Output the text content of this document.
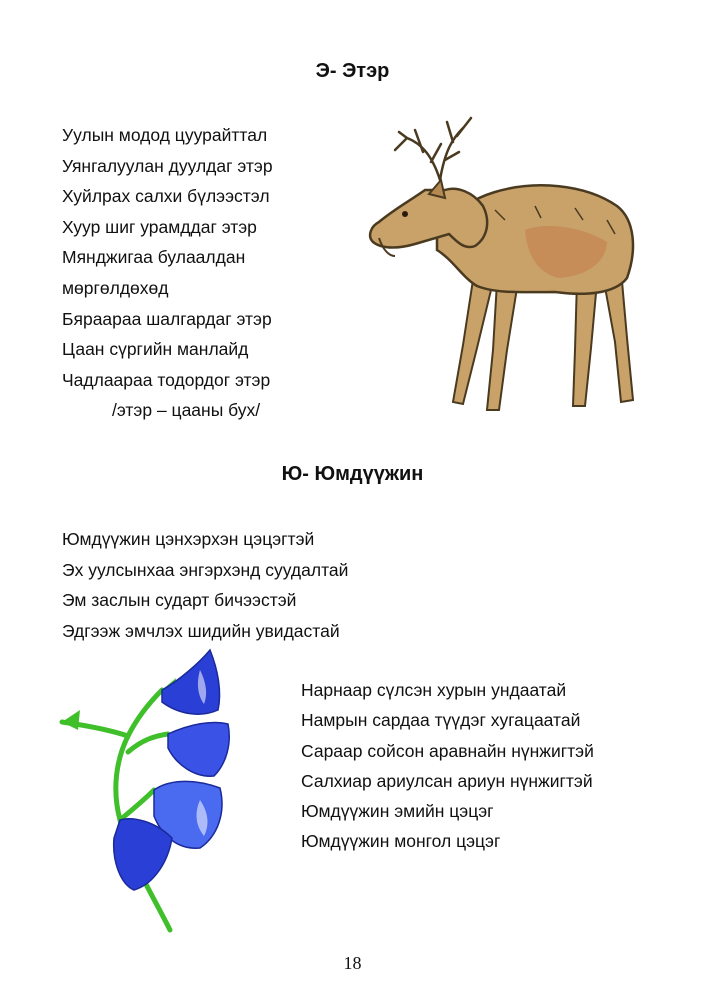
Э- Этэр
Уулын модод цуурайттал
Уянгалуулан дуулдаг этэр
Хуйлрах салхи бүлээстэл
Хуур шиг урамддаг этэр
Мянджигаа булаалдан
мөргөлдөхөд
Бяраараа шалгардаг этэр
Цаан сүргийн манлайд
Чадлаараа тодордог этэр
/этэр – цааны бух/
Ю- Юмдүүжин
Юмдүүжин цэнхэрхэн цэцэгтэй
Эх уулсынхаа энгэрхэнд суудалтай
Эм заслын сударт бичээстэй
Эдгээж эмчлэх шидийн увидастай
Нарнаар сүлсэн хурын ундаатай
Намрын сардаа түүдэг хугацаатай
Сараар сойсон аравнайн нүнжигтэй
Салхиар ариулсан ариун нүнжигтэй
Юмдүүжин эмийн цэцэг
Юмдүүжин монгол цэцэг
18
